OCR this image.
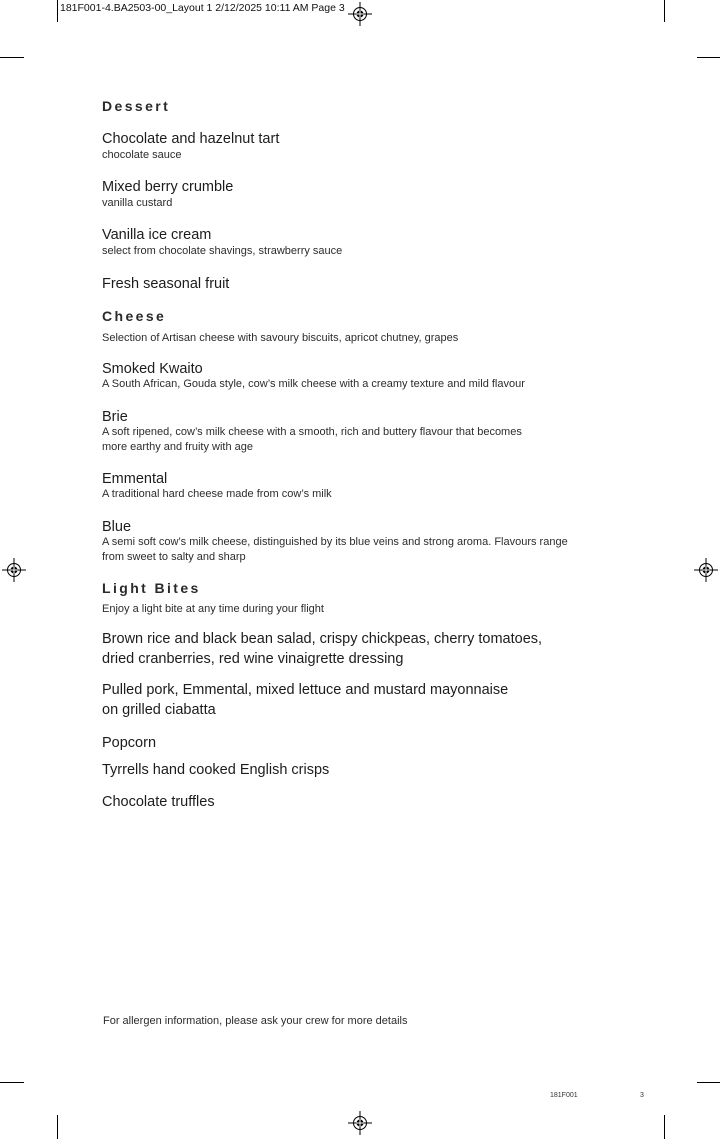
181F001-4.BA2503-00_Layout 1 2/12/2025 10:11 AM Page 3
Dessert
Chocolate and hazelnut tart
chocolate sauce
Mixed berry crumble
vanilla custard
Vanilla ice cream
select from chocolate shavings, strawberry sauce
Fresh seasonal fruit
Cheese
Selection of Artisan cheese with savoury biscuits, apricot chutney, grapes
Smoked Kwaito
A South African, Gouda style, cow’s milk cheese with a creamy texture and mild flavour
Brie
A soft ripened, cow’s milk cheese with a smooth, rich and buttery flavour that becomes
more earthy and fruity with age
Emmental
A traditional hard cheese made from cow’s milk
Blue
A semi soft cow’s milk cheese, distinguished by its blue veins and strong aroma. Flavours range
from sweet to salty and sharp
Light Bites
Enjoy a light bite at any time during your flight
Brown rice and black bean salad, crispy chickpeas, cherry tomatoes,
dried cranberries, red wine vinaigrette dressing
Pulled pork, Emmental, mixed lettuce and mustard mayonnaise
on grilled ciabatta
Popcorn
Tyrrells hand cooked English crisps
Chocolate truffles
For allergen information, please ask your crew for more details
181F001	3
